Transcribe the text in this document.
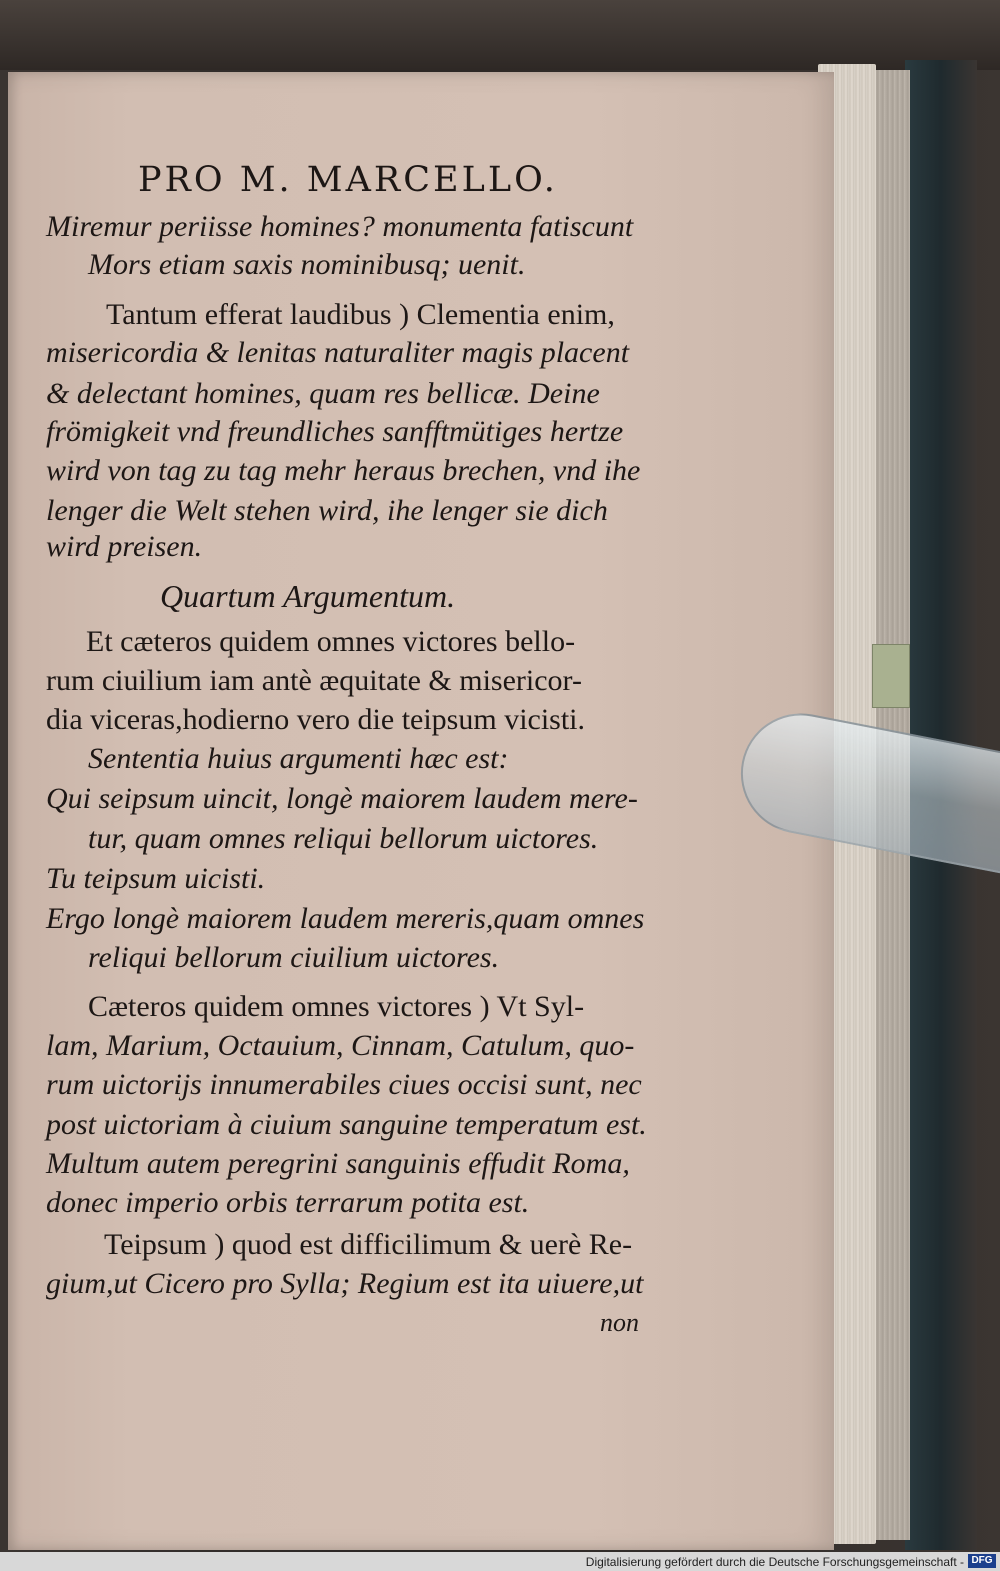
PRO M. MARCELLO.
Miremur periisse homines? monumenta fatiscunt
Mors etiam saxis nominibusq; uenit.
Tantum efferat laudibus ) Clementia enim,
misericordia & lenitas naturaliter magis placent
& delectant homines, quam res bellicæ. Deine
frömigkeit vnd freundliches sanfftmütiges hertze
wird von tag zu tag mehr heraus brechen, vnd ihe
lenger die Welt stehen wird, ihe lenger sie dich
wird preisen.
Quartum Argumentum.
Et cæteros quidem omnes victores bello-
rum ciuilium iam antè æquitate & misericor-
dia viceras,hodierno vero die teipsum vicisti.
Sententia huius argumenti hæc est:
Qui seipsum uincit, longè maiorem laudem mere-
tur, quam omnes reliqui bellorum uictores.
Tu teipsum uicisti.
Ergo longè maiorem laudem mereris,quam omnes
reliqui bellorum ciuilium uictores.
Cæteros quidem omnes victores ) Vt Syl-
lam, Marium, Octauium, Cinnam, Catulum, quo-
rum uictorijs innumerabiles ciues occisi sunt, nec
post uictoriam à ciuium sanguine temperatum est.
Multum autem peregrini sanguinis effudit Roma,
donec imperio orbis terrarum potita est.
Teipsum ) quod est difficilimum & uerè Re-
gium,ut Cicero pro Sylla; Regium est ita uiuere,ut
non
Digitalisierung gefördert durch die Deutsche Forschungsgemeinschaft - DFG
